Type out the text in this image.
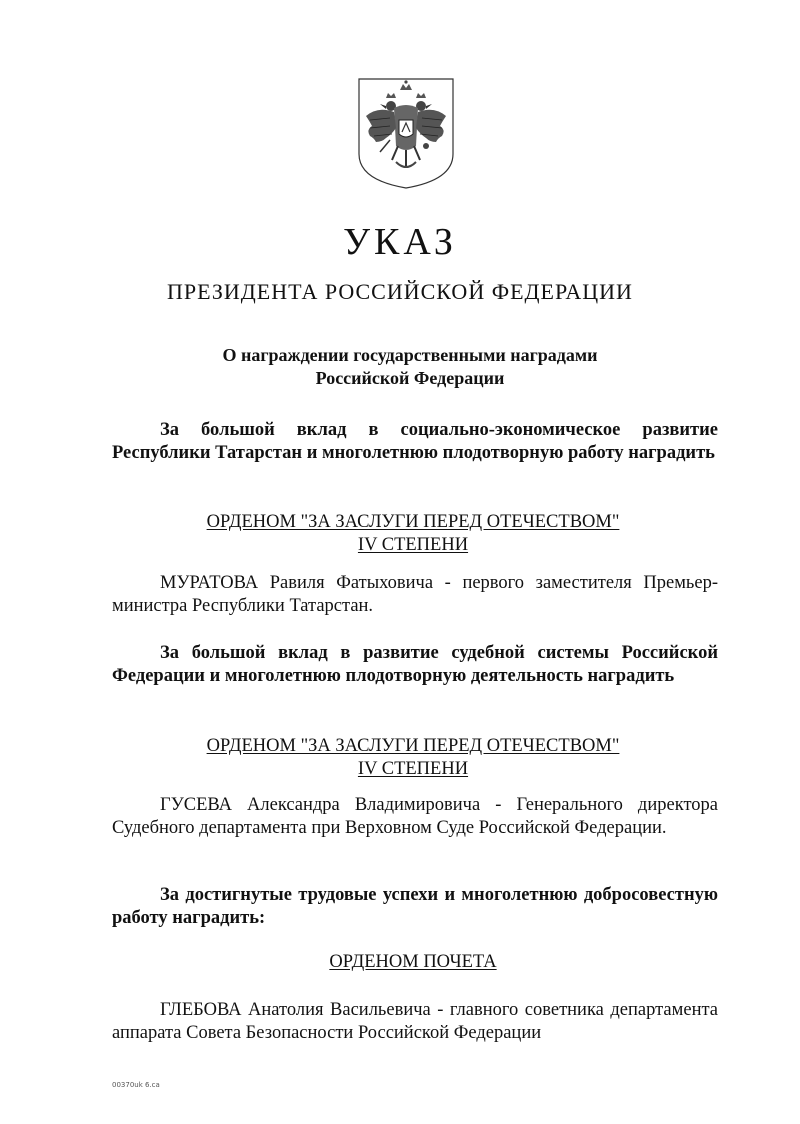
УКАЗ
ПРЕЗИДЕНТА РОССИЙСКОЙ ФЕДЕРАЦИИ
О награждении государственными наградами
Российской Федерации
За большой вклад в социально-экономическое развитие Республики Татарстан и многолетнюю плодотворную работу наградить
ОРДЕНОМ "ЗА ЗАСЛУГИ ПЕРЕД ОТЕЧЕСТВОМ"
IV СТЕПЕНИ
МУРАТОВА Равиля Фатыховича - первого заместителя Премьер-министра Республики Татарстан.
За большой вклад в развитие судебной системы Российской Федерации и многолетнюю плодотворную деятельность наградить
ОРДЕНОМ "ЗА ЗАСЛУГИ ПЕРЕД ОТЕЧЕСТВОМ"
IV СТЕПЕНИ
ГУСЕВА Александра Владимировича - Генерального директора Судебного департамента при Верховном Суде Российской Федерации.
За достигнутые трудовые успехи и многолетнюю добросовестную работу наградить:
ОРДЕНОМ ПОЧЕТА
ГЛЕБОВА Анатолия Васильевича - главного советника департамента аппарата Совета Безопасности Российской Федерации
00370uk 6.ca
